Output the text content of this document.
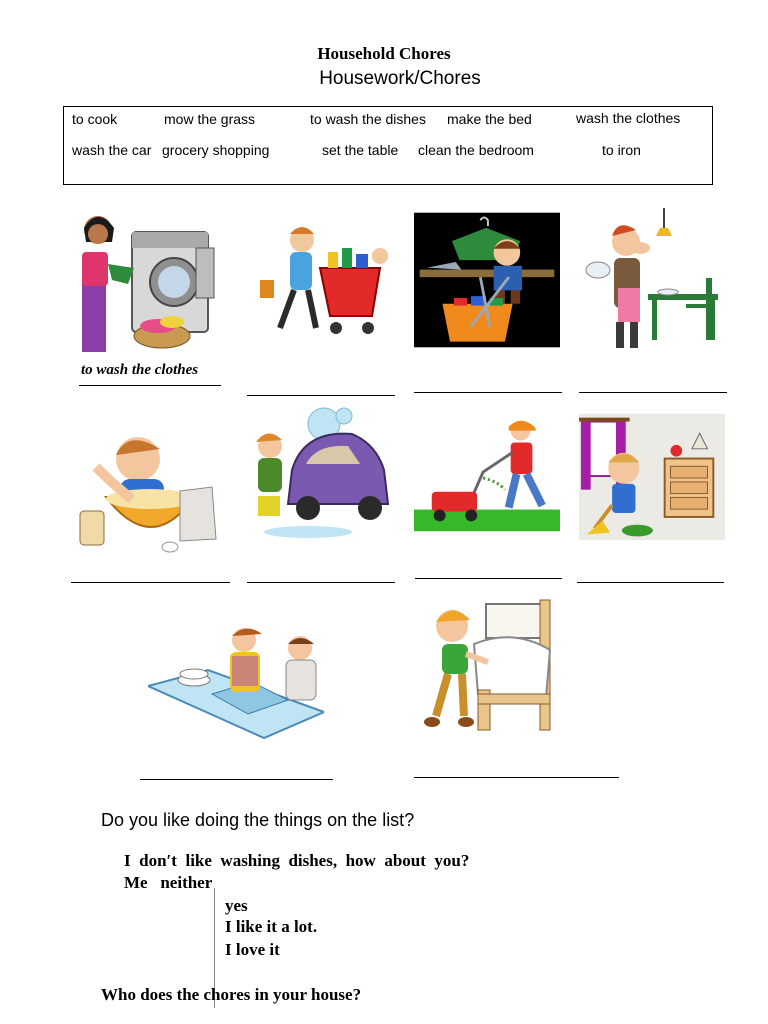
Household Chores
Housework/Chores
to cook	mow the grass	to wash the dishes make the bed	wash the clothes
wash the car grocery shopping	set the table clean the bedroom	to iron
to wash the clothes
Do you like doing the things on the list?
I  don′t  like  washing  dishes,  how  about  you?
Me   neither
yes
I like it a lot.
I love it
Who does the chores in your house?
